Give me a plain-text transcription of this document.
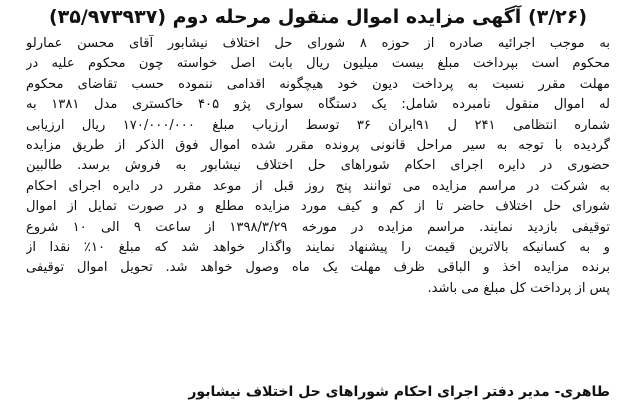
(۳/۲۶) آگهی مزایده اموال منقول مرحله دوم (۳۵/۹۷۳۹۳۷)
به موجب اجرائیه صادره از حوزه ۸ شورای حل اختلاف نیشابور آقای محسن عمارلو
محکوم است بپرداخت مبلغ بیست میلیون ریال بابت اصل خواسته چون محکوم علیه در
مهلت مقرر نسبت به پرداخت دیون خود هیچگونه اقدامی ننموده حسب تقاضای محکوم
له اموال منقول نامبرده شامل: یک دستگاه سواری پژو ۴۰۵ خاکستری مدل ۱۳۸۱ به
شماره انتظامی ۲۴۱ ل ۹۱ایران ۳۶ توسط ارزیاب مبلغ ۱۷۰/۰۰۰/۰۰۰ ریال ارزیابی
گردیده با توجه به سیر مراحل قانونی پرونده مقرر شده اموال فوق الذکر از طریق مزایده
حضوری در دایره اجرای احکام شوراهای حل اختلاف نیشابور به فروش برسد. طالبین
به شرکت در مراسم مزایده می توانند پنج روز قبل از موعد مقرر در دایره اجرای احکام
شورای حل اختلاف حاضر تا از کم و کیف مورد مزایده مطلع و در صورت تمایل از اموال
توقیفی بازدید نمایند. مراسم مزایده در مورخه ۱۳۹۸/۳/۲۹ از ساعت ۹ الی ۱۰ شروع
و به کسانیکه بالاترین قیمت را پیشنهاد نمایند واگذار خواهد شد که مبلغ ۱۰٪ نقدا از
برنده مزایده اخذ و الباقی ظرف مهلت یک ماه وصول خواهد شد. تحویل اموال توقیفی
پس از پرداخت کل مبلغ می باشد.
طاهری- مدیر دفتر اجرای احکام شوراهای حل اختلاف نیشابور
